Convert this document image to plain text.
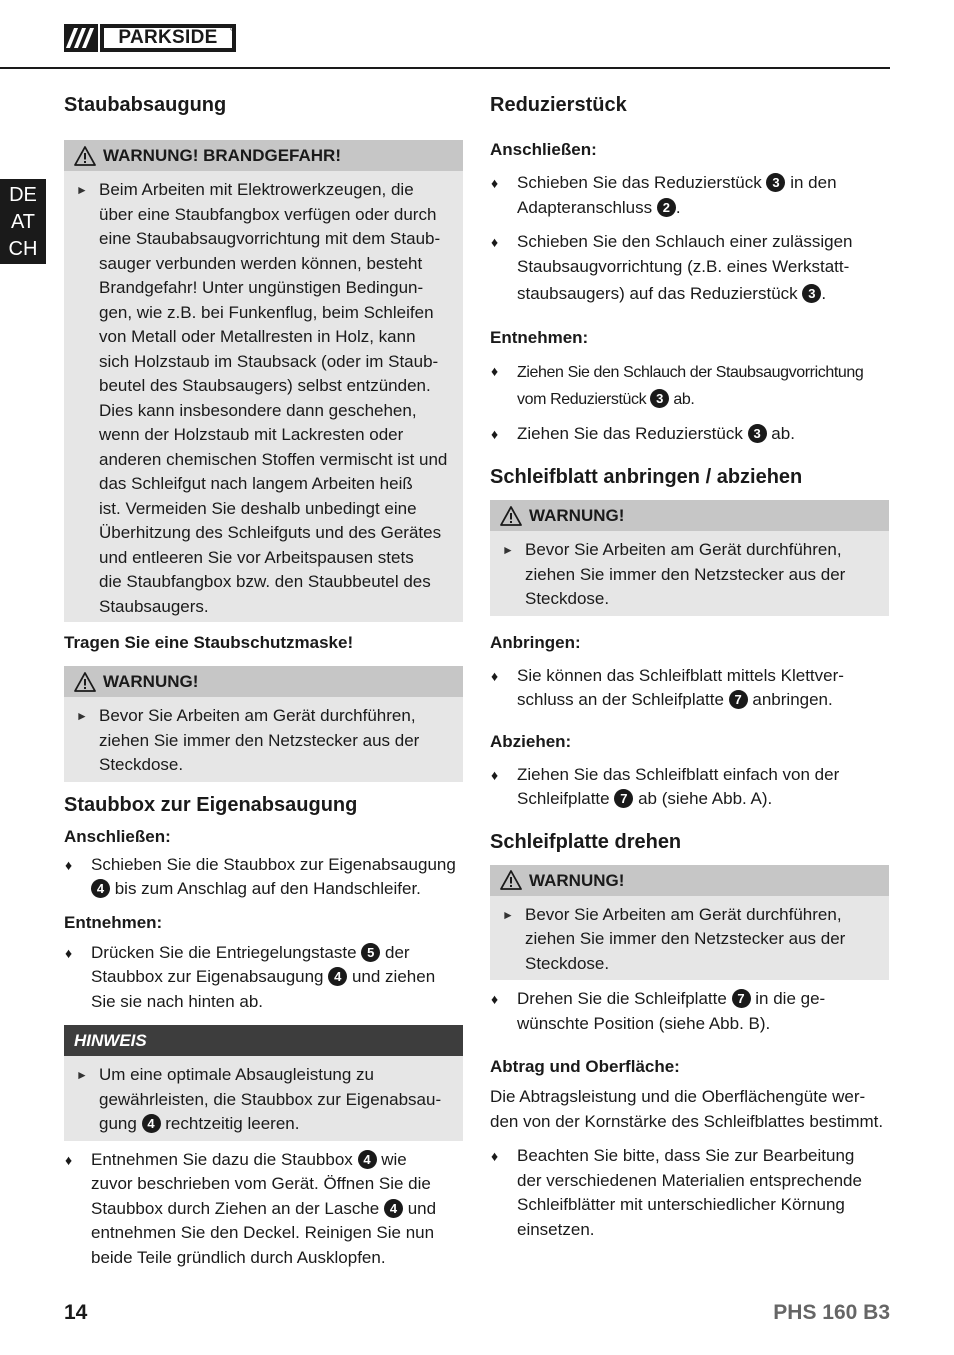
PARKSIDE	®
DE
AT
CH
Staubabsaugung
WARNUNG! BRANDGEFAHR!
► Beim Arbeiten mit Elektrowerkzeugen, die
über eine Staubfangbox verfügen oder durch
eine Staubabsaugvorrichtung mit dem Staub-
sauger verbunden werden können, besteht
Brandgefahr! Unter ungünstigen Bedingun-
gen, wie z.B. bei Funkenflug, beim Schleifen
von Metall oder Metallresten in Holz, kann
sich Holzstaub im Staubsack (oder im Staub-
beutel des Staubsaugers) selbst entzünden.
Dies kann insbesondere dann geschehen,
wenn der Holzstaub mit Lackresten oder
anderen chemischen Stoffen vermischt ist und
das Schleifgut nach langem Arbeiten heiß
ist. Vermeiden Sie deshalb unbedingt eine
Überhitzung des Schleifguts und des Gerätes
und entleeren Sie vor Arbeitspausen stets
die Staubfangbox bzw. den Staubbeutel des
Staubsaugers.

Tragen Sie eine Staubschutzmaske!

WARNUNG!
► Bevor Sie Arbeiten am Gerät durchführen,
ziehen Sie immer den Netzstecker aus der
Steckdose.
Staubbox zur Eigenabsaugung

Anschließen:

♦	Schieben Sie die Staubbox zur Eigenabsaugung
4 bis zum Anschlag auf den Handschleifer.

Entnehmen:

♦	Drücken Sie die Entriegelungstaste 5 der
Staubbox zur Eigenabsaugung 4 und ziehen
Sie sie nach hinten ab.
HINWEIS
► Um eine optimale Absaugleistung zu
gewährleisten, die Staubbox zur Eigenabsau-
gung 4 rechtzeitig leeren.
♦	Entnehmen Sie dazu die Staubbox 4 wie
zuvor beschrieben vom Gerät. Öffnen Sie die
Staubbox durch Ziehen an der Lasche 4 und
entnehmen Sie den Deckel. Reinigen Sie nun
beide Teile gründlich durch Ausklopfen.
Reduzierstück

Anschließen:

♦	Schieben Sie das Reduzierstück 3 in den
Adapteranschluss 2 .
♦	Schieben Sie den Schlauch einer zulässigen
Staubsaugvorrichtung (z.B. eines Werkstatt-
staubsaugers) auf das Reduzierstück 3 .

Entnehmen:

♦	Ziehen Sie den Schlauch der Staubsaugvorrichtung
vom Reduzierstück 3 ab.
♦	Ziehen Sie das Reduzierstück 3 ab.
Schleifblatt anbringen / abziehen
WARNUNG!
► Bevor Sie Arbeiten am Gerät durchführen,
ziehen Sie immer den Netzstecker aus der
Steckdose.

Anbringen:

♦	Sie können das Schleifblatt mittels Klettver-
schluss an der Schleifplatte 7 anbringen.

Abziehen:

♦	Ziehen Sie das Schleifblatt einfach von der
Schleifplatte 7 ab (siehe Abb. A).
Schleifplatte drehen
WARNUNG!
► Bevor Sie Arbeiten am Gerät durchführen,
ziehen Sie immer den Netzstecker aus der
Steckdose.
♦	Drehen Sie die Schleifplatte 7 in die ge-
wünschte Position (siehe Abb. B).

Abtrag und Oberfläche:

Die Abtragsleistung und die Oberflächengüte wer-

den von der Kornstärke des Schleifblattes bestimmt.

♦	Beachten Sie bitte, dass Sie zur Bearbeitung
der verschiedenen Materialien entsprechende
Schleifblätter mit unterschiedlicher Körnung
einsetzen.
14	PHS 160 B3
